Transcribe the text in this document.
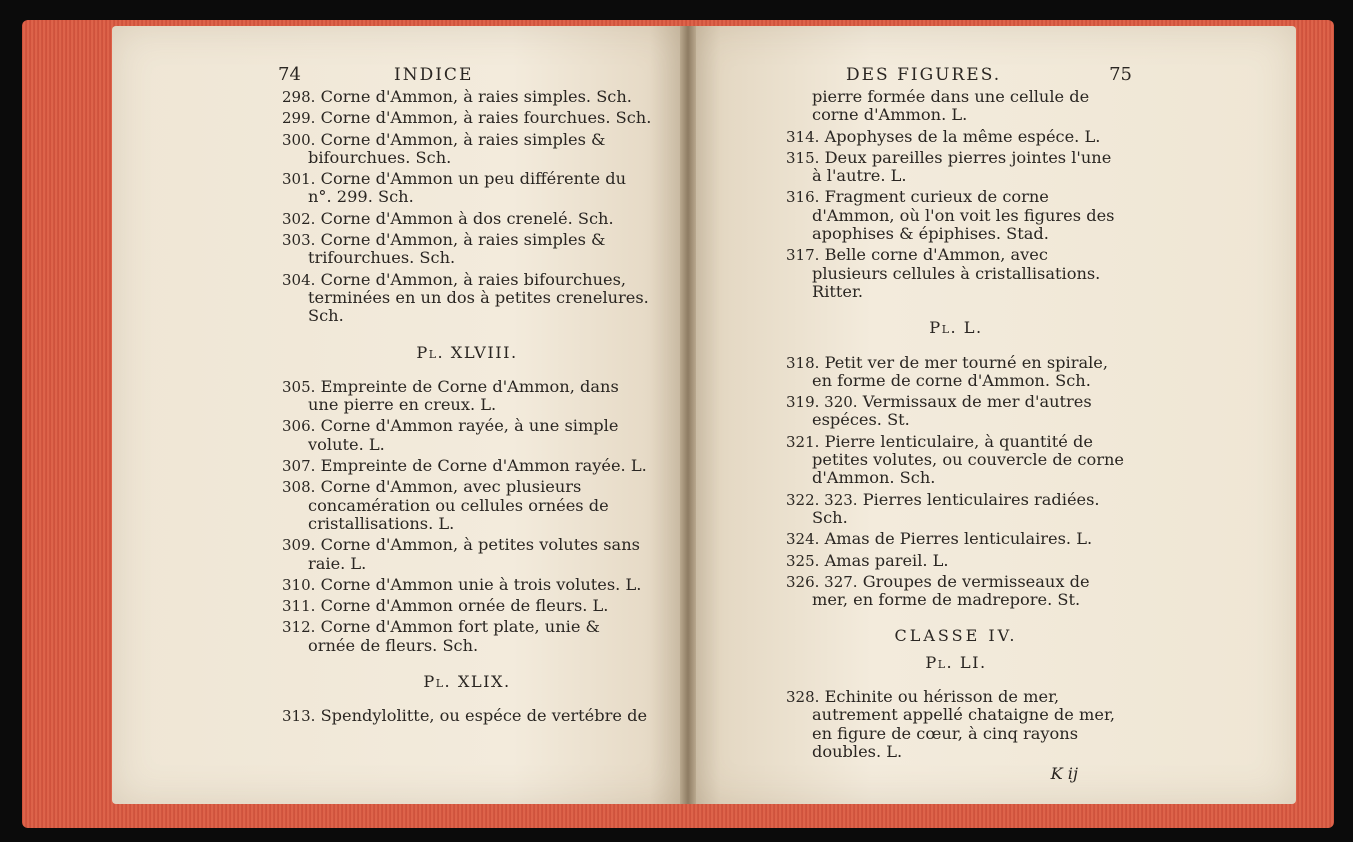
74	INDICE

298. Corne d'Ammon, à raies simples. Sch.

299. Corne d'Ammon, à raies fourchues. Sch.

300. Corne d'Ammon, à raies simples & bifourchues. Sch.

301. Corne d'Ammon un peu différente du n°. 299. Sch.

302. Corne d'Ammon à dos crenelé. Sch.

303. Corne d'Ammon, à raies simples & trifourchues. Sch.

304. Corne d'Ammon, à raies bifourchues, terminées en un dos à petites crenelures. Sch.

Pl. XLVIII.

305. Empreinte de Corne d'Ammon, dans une pierre en creux. L.

306. Corne d'Ammon rayée, à une simple volute. L.

307. Empreinte de Corne d'Ammon rayée. L.

308. Corne d'Ammon, avec plusieurs concamération ou cellules ornées de cristallisations. L.

309. Corne d'Ammon, à petites volutes sans raie. L.

310. Corne d'Ammon unie à trois volutes. L.

311. Corne d'Ammon ornée de fleurs. L.

312. Corne d'Ammon fort plate, unie & ornée de fleurs. Sch.

Pl. XLIX.

313. Spendylolitte, ou espéce de vertébre de

DES FIGURES.	75

pierre formée dans une cellule de corne d'Ammon. L.

314. Apophyses de la même espéce. L.

315. Deux pareilles pierres jointes l'une à l'autre. L.

316. Fragment curieux de corne d'Ammon, où l'on voit les figures des apophises & épiphises. Stad.

317. Belle corne d'Ammon, avec plusieurs cellules à cristallisations. Ritter.

Pl. L.

318. Petit ver de mer tourné en spirale, en forme de corne d'Ammon. Sch.

319. 320. Vermissaux de mer d'autres espéces. St.

321. Pierre lenticulaire, à quantité de petites volutes, ou couvercle de corne d'Ammon. Sch.

322. 323. Pierres lenticulaires radiées. Sch.

324. Amas de Pierres lenticulaires. L.

325. Amas pareil. L.

326. 327. Groupes de vermisseaux de mer, en forme de madrepore. St.

CLASSE IV.
Pl. LI.

328. Echinite ou hérisson de mer, autrement appellé chataigne de mer, en figure de cœur, à cinq rayons doubles. L.

K ij
